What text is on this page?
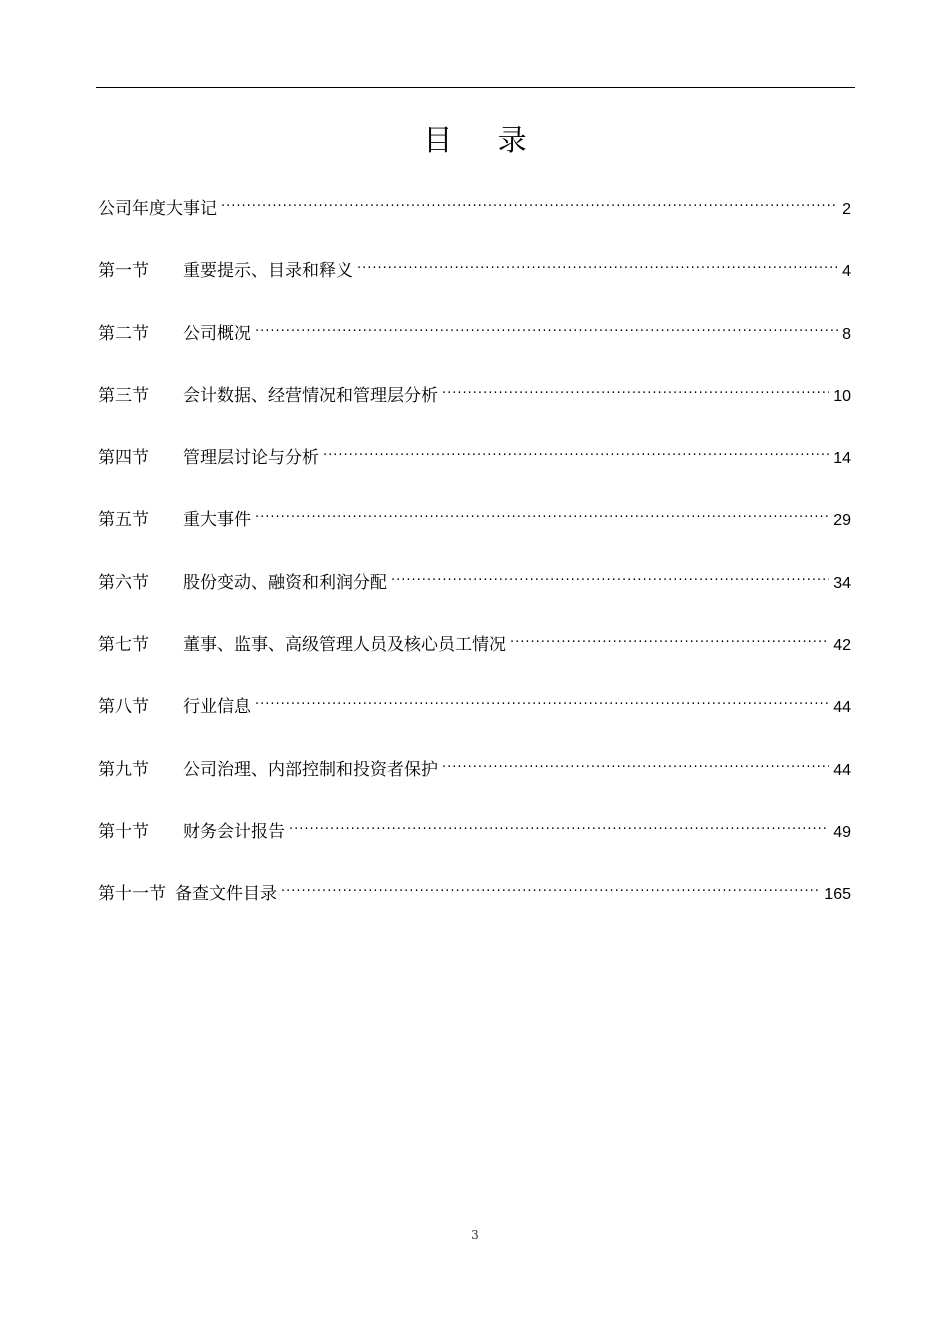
目 录
公司年度大事记 .....	2
第一节	重要提示、目录和释义 .....	4
第二节	公司概况 .....	8
第三节	会计数据、经营情况和管理层分析 .....	10
第四节	管理层讨论与分析 .....	14
第五节	重大事件 .....	29
第六节	股份变动、融资和利润分配 .....	34
第七节	董事、监事、高级管理人员及核心员工情况 .....	42
第八节	行业信息 .....	44
第九节	公司治理、内部控制和投资者保护 .....	44
第十节	财务会计报告 .....	49
第十一节 备查文件目录 .....	165
3
